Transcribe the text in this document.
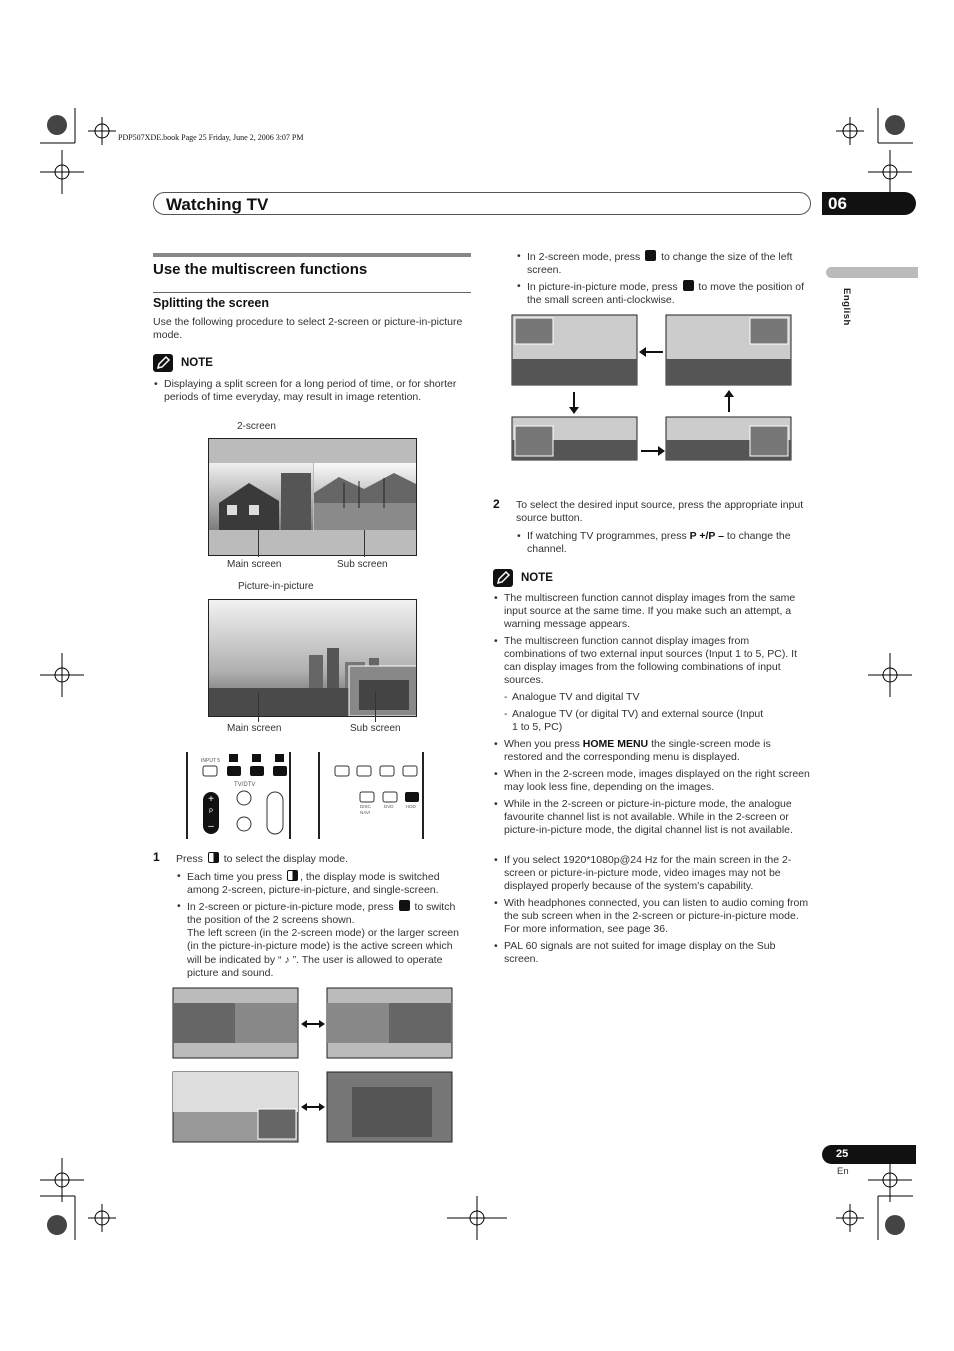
PDP507XDE.book Page 25 Friday, June 2, 2006 3:07 PM
Watching TV	06
English
Use the multiscreen functions
Splitting the screen
Use the following procedure to select 2-screen or picture-in-picture mode.
NOTE
• Displaying a split screen for a long period of time, or for shorter periods of time everyday, may result in image retention.
2-screen
Main screen	Sub screen
Picture-in-picture
Main screen	Sub screen
+
–
INPUT 5
TV/DTV
P
DISC NAVI
DVD	HDD
1 Press to select the display mode.
• Each time you press , the display mode is switched among 2-screen, picture-in-picture, and single-screen.
• In 2-screen or picture-in-picture mode, press to switch the position of the 2 screens shown.
The left screen (in the 2-screen mode) or the larger screen (in the picture-in-picture mode) is the active screen which will be indicated by “ ♪ ”. The user is allowed to operate picture and sound.
• In 2-screen mode, press to change the size of the left screen.
• In picture-in-picture mode, press to move the position of the small screen anti-clockwise.
2 To select the desired input source, press the appropriate input source button.
• If watching TV programmes, press P +/P – to change the channel.
NOTE
• The multiscreen function cannot display images from the same input source at the same time. If you make such an attempt, a warning message appears.
• The multiscreen function cannot display images from combinations of two external input sources (Input 1 to 5, PC). It can display images from the following combinations of input sources.
- Analogue TV and digital TV
- Analogue TV (or digital TV) and external source (Input 1 to 5, PC)
• When you press HOME MENU the single-screen mode is restored and the corresponding menu is displayed.
• When in the 2-screen mode, images displayed on the right screen may look less fine, depending on the images.
• While in the 2-screen or picture-in-picture mode, the analogue favourite channel list is not available. While in the 2-screen or picture-in-picture mode, the digital channel list is not available.
• If you select 1920*1080p@24 Hz for the main screen in the 2-screen or picture-in-picture mode, video images may not be displayed properly because of the system's capability.
• With headphones connected, you can listen to audio coming from the sub screen when in the 2-screen or picture-in-picture mode. For more information, see page 36.
• PAL 60 signals are not suited for image display on the Sub screen.
25
En
